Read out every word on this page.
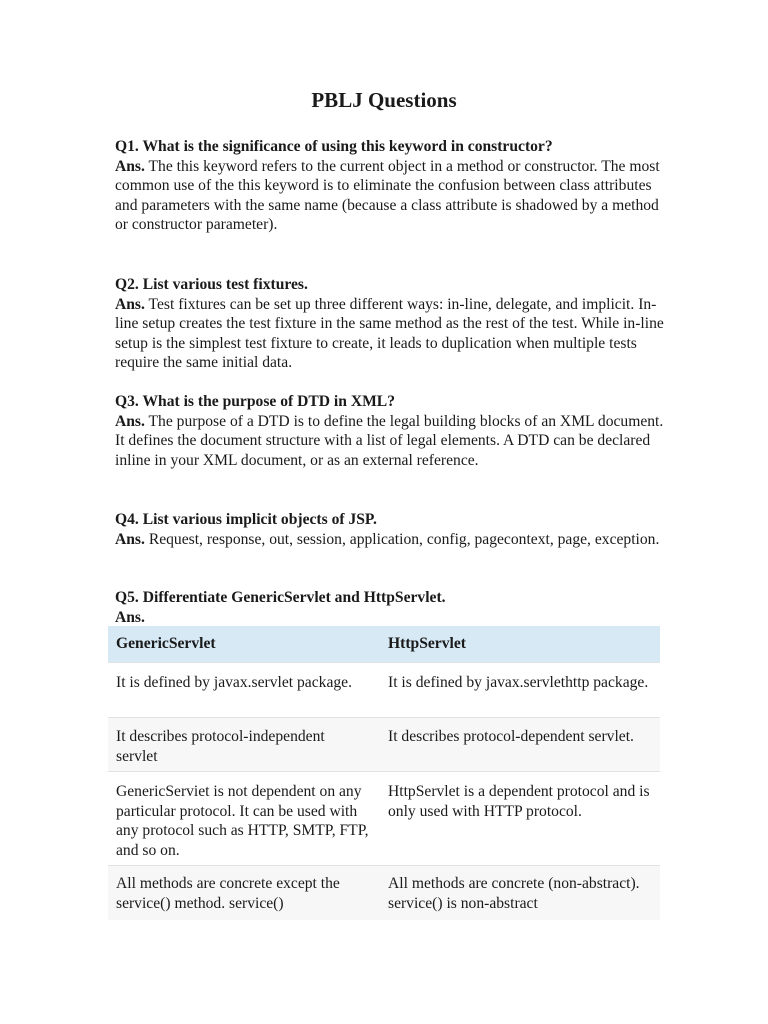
PBLJ Questions
Q1. What is the significance of using this keyword in constructor?

Ans. The this keyword refers to the current object in a method or constructor. The most common use of the this keyword is to eliminate the confusion between class attributes and parameters with the same name (because a class attribute is shadowed by a method or constructor parameter).

Q2. List various test fixtures.

Ans. Test fixtures can be set up three different ways: in-line, delegate, and implicit. In-line setup creates the test fixture in the same method as the rest of the test. While in-line setup is the simplest test fixture to create, it leads to duplication when multiple tests require the same initial data.

Q3. What is the purpose of DTD in XML?

Ans. The purpose of a DTD is to define the legal building blocks of an XML document. It defines the document structure with a list of legal elements. A DTD can be declared inline in your XML document, or as an external reference.

Q4. List various implicit objects of JSP.

Ans. Request, response, out, session, application, config, pagecontext, page, exception.

Q5. Differentiate GenericServlet and HttpServlet.

Ans.

GenericServlet	HttpServlet
It is defined by javax.servlet package.	It is defined by javax.servlethttp package.
It describes protocol-independent servlet
It describes protocol-dependent servlet.
GenericServiet is not dependent on any particular protocol. It can be used with any protocol such as HTTP, SMTP, FTP, and so on.
HttpServlet is a dependent protocol and is only used with HTTP protocol.
All methods are concrete except the service() method. service()
All methods are concrete (non-abstract). service() is non-abstract
